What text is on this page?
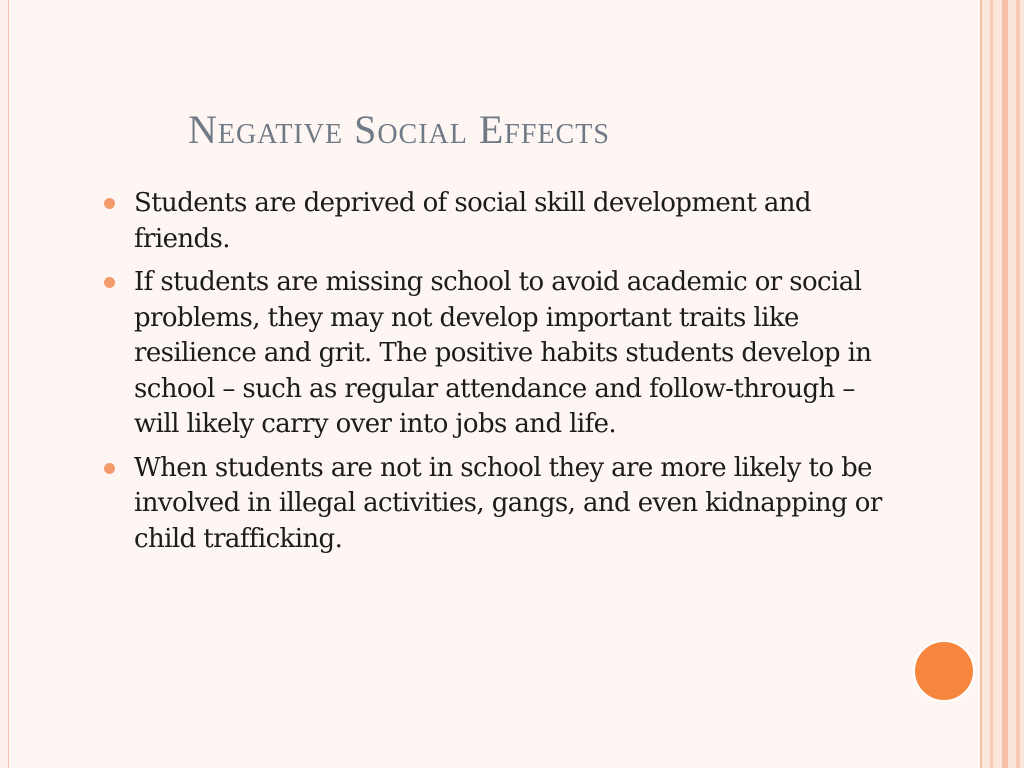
Negative Social Effects
Students are deprived of social skill development and friends.
If students are missing school to avoid academic or social problems, they may not develop important traits like resilience and grit. The positive habits students develop in school – such as regular attendance and follow-through – will likely carry over into jobs and life.
When students are not in school they are more likely to be involved in illegal activities, gangs, and even kidnapping or child trafficking.
